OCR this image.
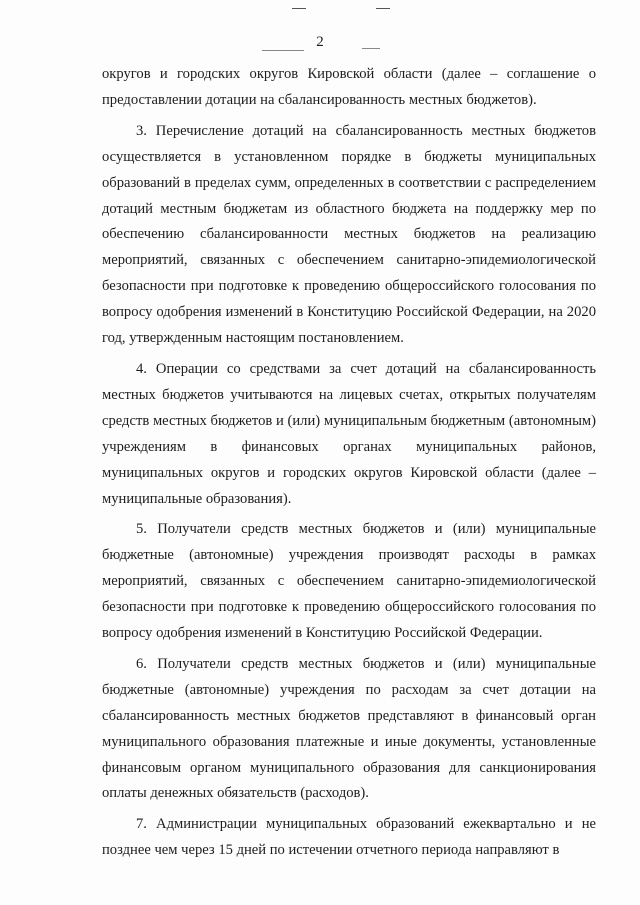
2

округов и городских округов Кировской области (далее – соглашение о предоставлении дотации на сбалансированность местных бюджетов).

3. Перечисление дотаций на сбалансированность местных бюджетов осуществляется в установленном порядке в бюджеты муниципальных образований в пределах сумм, определенных в соответствии с распределением дотаций местным бюджетам из областного бюджета на поддержку мер по обеспечению сбалансированности местных бюджетов на реализацию мероприятий, связанных с обеспечением санитарно-эпидемиологической безопасности при подготовке к проведению общероссийского голосования по вопросу одобрения изменений в Конституцию Российской Федерации, на 2020 год, утвержденным настоящим постановлением.

4. Операции со средствами за счет дотаций на сбалансированность местных бюджетов учитываются на лицевых счетах, открытых получателям средств местных бюджетов и (или) муниципальным бюджетным (автономным) учреждениям в финансовых органах муниципальных районов, муниципальных округов и городских округов Кировской области (далее – муниципальные образования).

5. Получатели средств местных бюджетов и (или) муниципальные бюджетные (автономные) учреждения производят расходы в рамках мероприятий, связанных с обеспечением санитарно-эпидемиологической безопасности при подготовке к проведению общероссийского голосования по вопросу одобрения изменений в Конституцию Российской Федерации.

6. Получатели средств местных бюджетов и (или) муниципальные бюджетные (автономные) учреждения по расходам за счет дотации на сбалансированность местных бюджетов представляют в финансовый орган муниципального образования платежные и иные документы, установленные финансовым органом муниципального образования для санкционирования оплаты денежных обязательств (расходов).

7. Администрации муниципальных образований ежеквартально и не позднее чем через 15 дней по истечении отчетного периода направляют в
